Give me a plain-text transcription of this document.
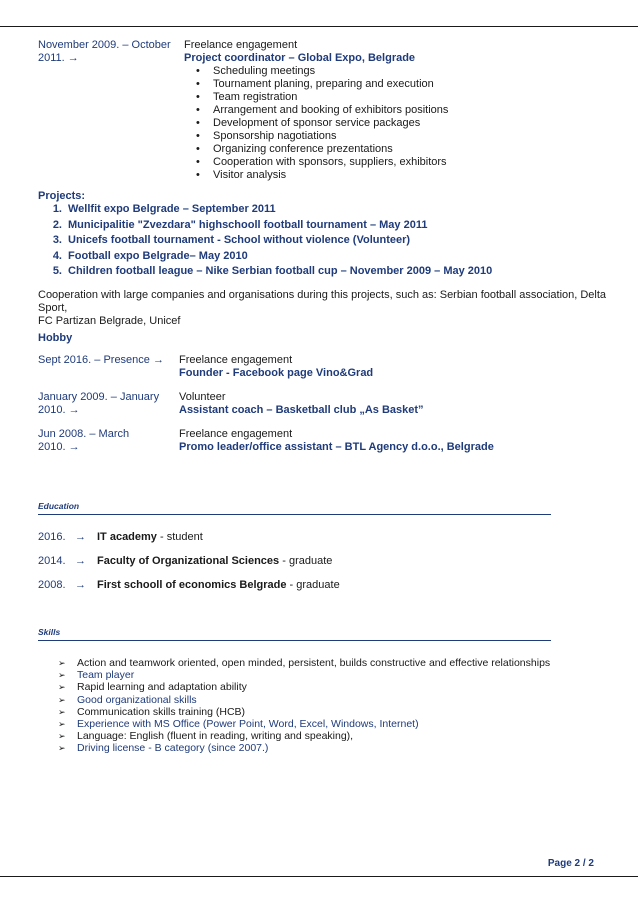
November 2009. – October
2011. →
Freelance engagement
Project coordinator – Global Expo, Belgrade
• Scheduling meetings
• Tournament planing, preparing and execution
• Team registration
• Arrangement and booking of exhibitors positions
• Development of sponsor service packages
• Sponsorship nagotiations
• Organizing conference prezentations
• Cooperation with sponsors, suppliers, exhibitors
• Visitor analysis
Projects:
1. Wellfit expo Belgrade – September 2011
2. Municipalitie "Zvezdara" highschooll football tournament – May 2011
3. Unicefs football tournament - School without violence (Volunteer)
4. Football expo Belgrade– May 2010
5. Children football league – Nike Serbian football cup – November 2009 – May 2010
Cooperation with large companies and organisations during this projects, such as: Serbian football association, Delta Sport,
FC Partizan Belgrade, Unicef
Hobby
Sept 2016. – Presence →	Freelance engagement
Founder - Facebook page Vino&Grad
January 2009. – January
2010. →
Volunteer
Assistant coach – Basketball club „As Basket”
Jun 2008. – March
2010. →
Freelance engagement
Promo leader/office assistant – BTL Agency d.o.o., Belgrade
Education
2016. → IT academy - student
2014. → Faculty of Organizational Sciences - graduate
2008. → First schooll of economics Belgrade - graduate
Skills
➢ Action and teamwork oriented, open minded, persistent, builds constructive and effective relationships
➢ Team player
➢ Rapid learning and adaptation ability
➢ Good organizational skills
➢ Communication skills training (HCB)
➢ Experience with MS Office (Power Point, Word, Excel, Windows, Internet)
➢ Language: English (fluent in reading, writing and speaking),
➢ Driving license - B category (since 2007.)
Page 2 / 2
